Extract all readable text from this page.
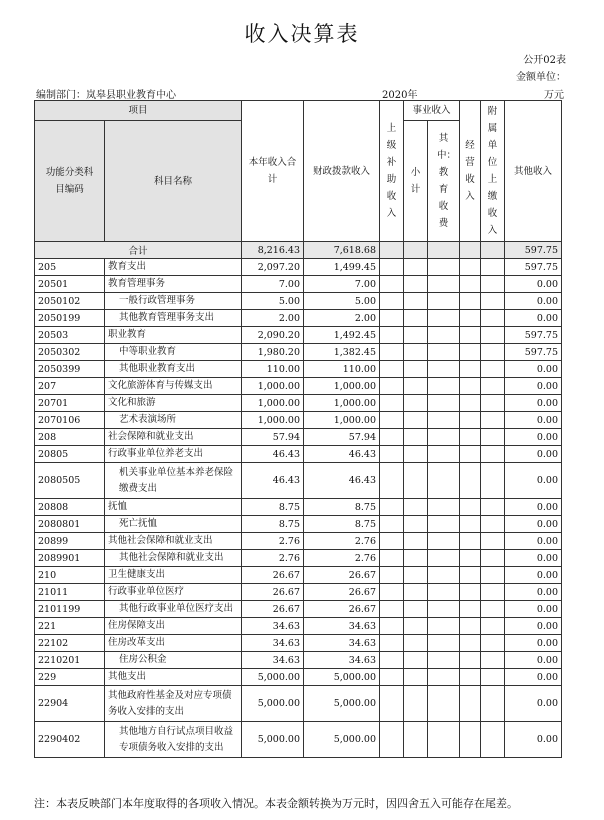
收入决算表
公开02表
金额单位：
编制部门：岚皋县职业教育中心	2020年	万元
项目		本年收入合计	财政拨款收入	上级补助收入	事业收入		经营收入	附属单位上缴收入	其他收入
功能分类科目编码	科目名称				小计	其中：教育收费			

合计		8,216.43	7,618.68						597.75
205	教育支出	2,097.20	1,499.45						597.75
20501	教育管理事务	7.00	7.00						0.00
2050102	一般行政管理事务	5.00	5.00						0.00
2050199	其他教育管理事务支出	2.00	2.00						0.00
20503	职业教育	2,090.20	1,492.45						597.75
2050302	中等职业教育	1,980.20	1,382.45						597.75
2050399	其他职业教育支出	110.00	110.00						0.00
207	文化旅游体育与传媒支出	1,000.00	1,000.00						0.00
20701	文化和旅游	1,000.00	1,000.00						0.00
2070106	艺术表演场所	1,000.00	1,000.00						0.00
208	社会保障和就业支出	57.94	57.94						0.00
20805	行政事业单位养老支出	46.43	46.43						0.00
2080505	机关事业单位基本养老保险缴费支出	46.43	46.43						0.00
20808	抚恤	8.75	8.75						0.00
2080801	死亡抚恤	8.75	8.75						0.00
20899	其他社会保障和就业支出	2.76	2.76						0.00
2089901	其他社会保障和就业支出	2.76	2.76						0.00
210	卫生健康支出	26.67	26.67						0.00
21011	行政事业单位医疗	26.67	26.67						0.00
2101199	其他行政事业单位医疗支出	26.67	26.67						0.00
221	住房保障支出	34.63	34.63						0.00
22102	住房改革支出	34.63	34.63						0.00
2210201	住房公积金	34.63	34.63						0.00
229	其他支出	5,000.00	5,000.00						0.00
22904	其他政府性基金及对应专项债务收入安排的支出	5,000.00	5,000.00						0.00
2290402	其他地方自行试点项目收益专项债务收入安排的支出	5,000.00	5,000.00						0.00
注：本表反映部门本年度取得的各项收入情况。本表金额转换为万元时，因四舍五入可能存在尾差。
